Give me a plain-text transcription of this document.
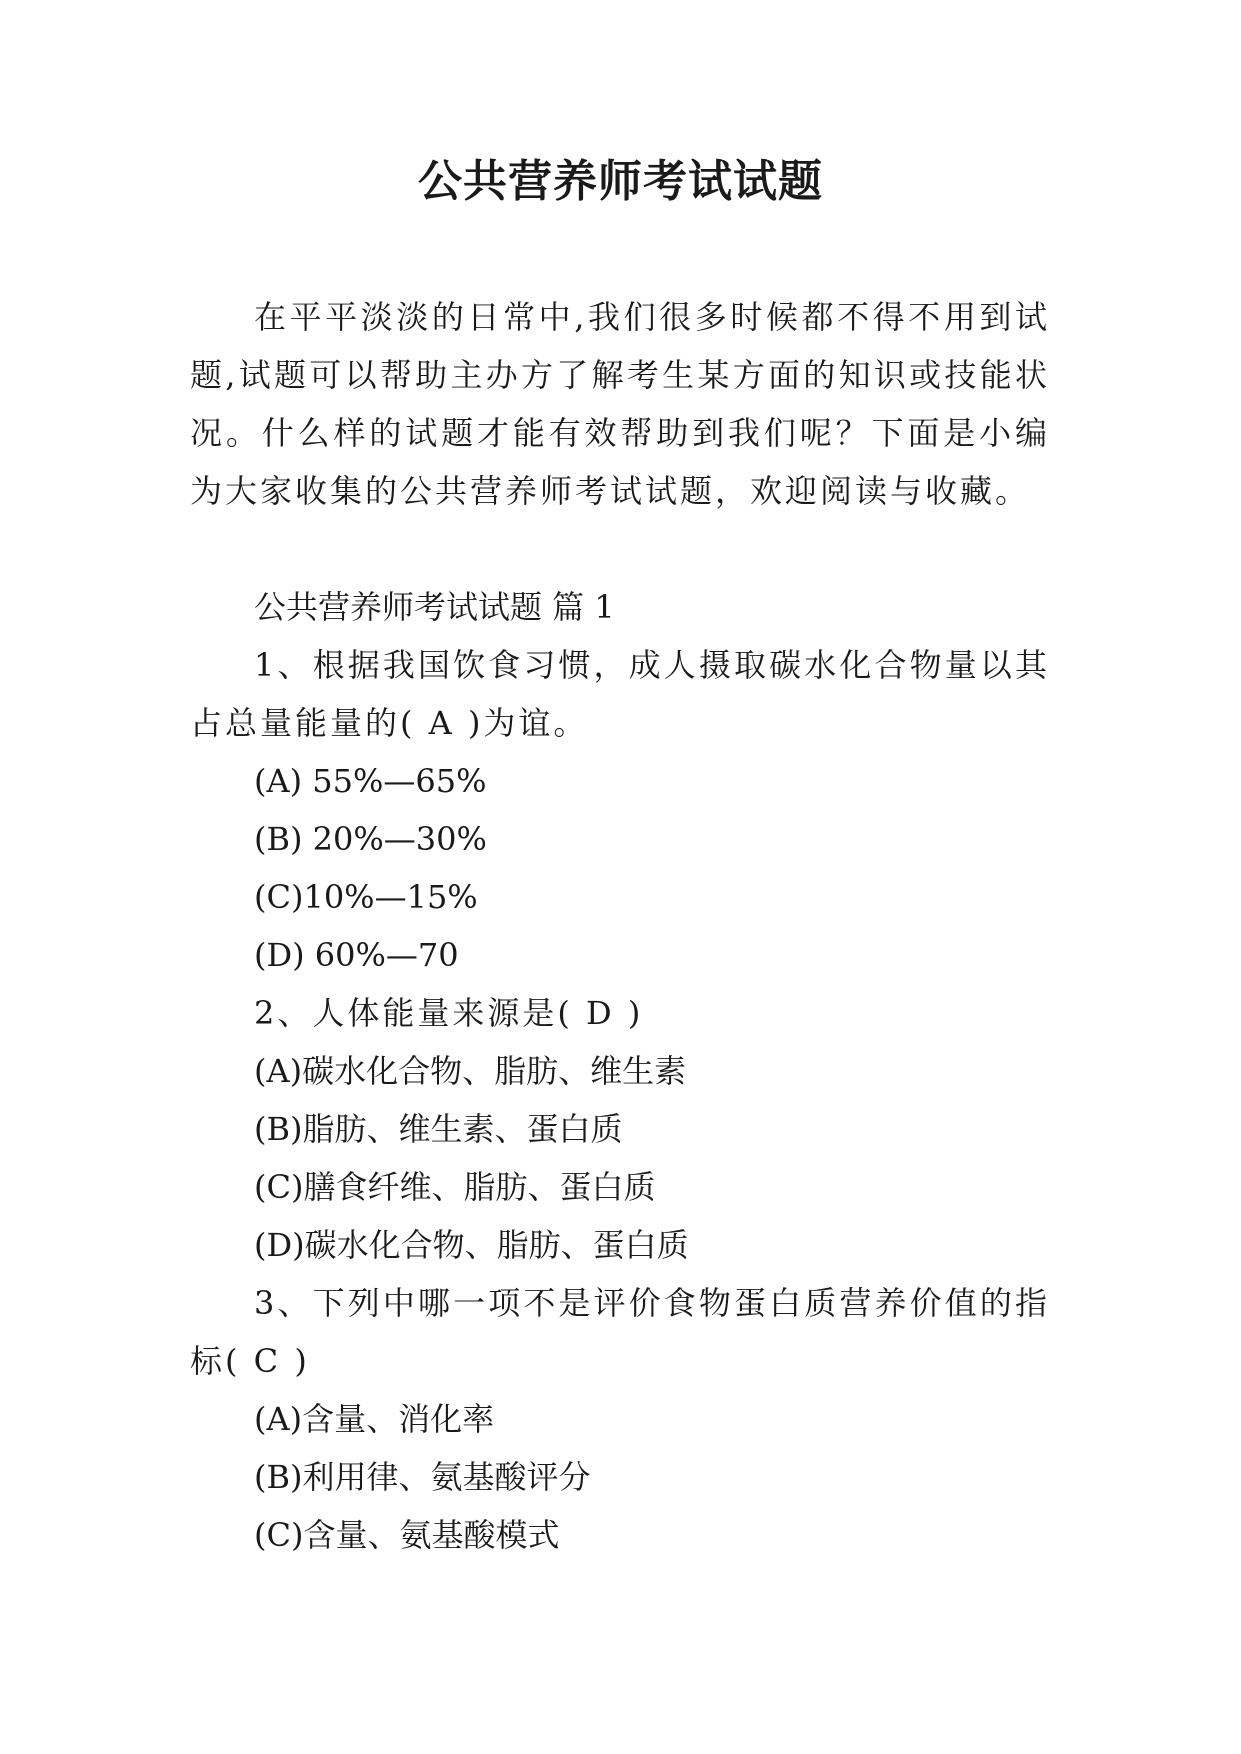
公共营养师考试试题

在平平淡淡的日常中,我们很多时候都不得不用到试题,试题可以帮助主办方了解考生某方面的知识或技能状况。什么样的试题才能有效帮助到我们呢？下面是小编为大家收集的公共营养师考试试题，欢迎阅读与收藏。

公共营养师考试试题 篇 1

1、根据我国饮食习惯，成人摄取碳水化合物量以其占总量能量的( A )为谊。

(A) 55%—65%

(B) 20%—30%

(C)10%—15%

(D) 60%—70

2、人体能量来源是( D )

(A)碳水化合物、脂肪、维生素

(B)脂肪、维生素、蛋白质

(C)膳食纤维、脂肪、蛋白质

(D)碳水化合物、脂肪、蛋白质

3、下列中哪一项不是评价食物蛋白质营养价值的指标( C )

(A)含量、消化率

(B)利用律、氨基酸评分

(C)含量、氨基酸模式
